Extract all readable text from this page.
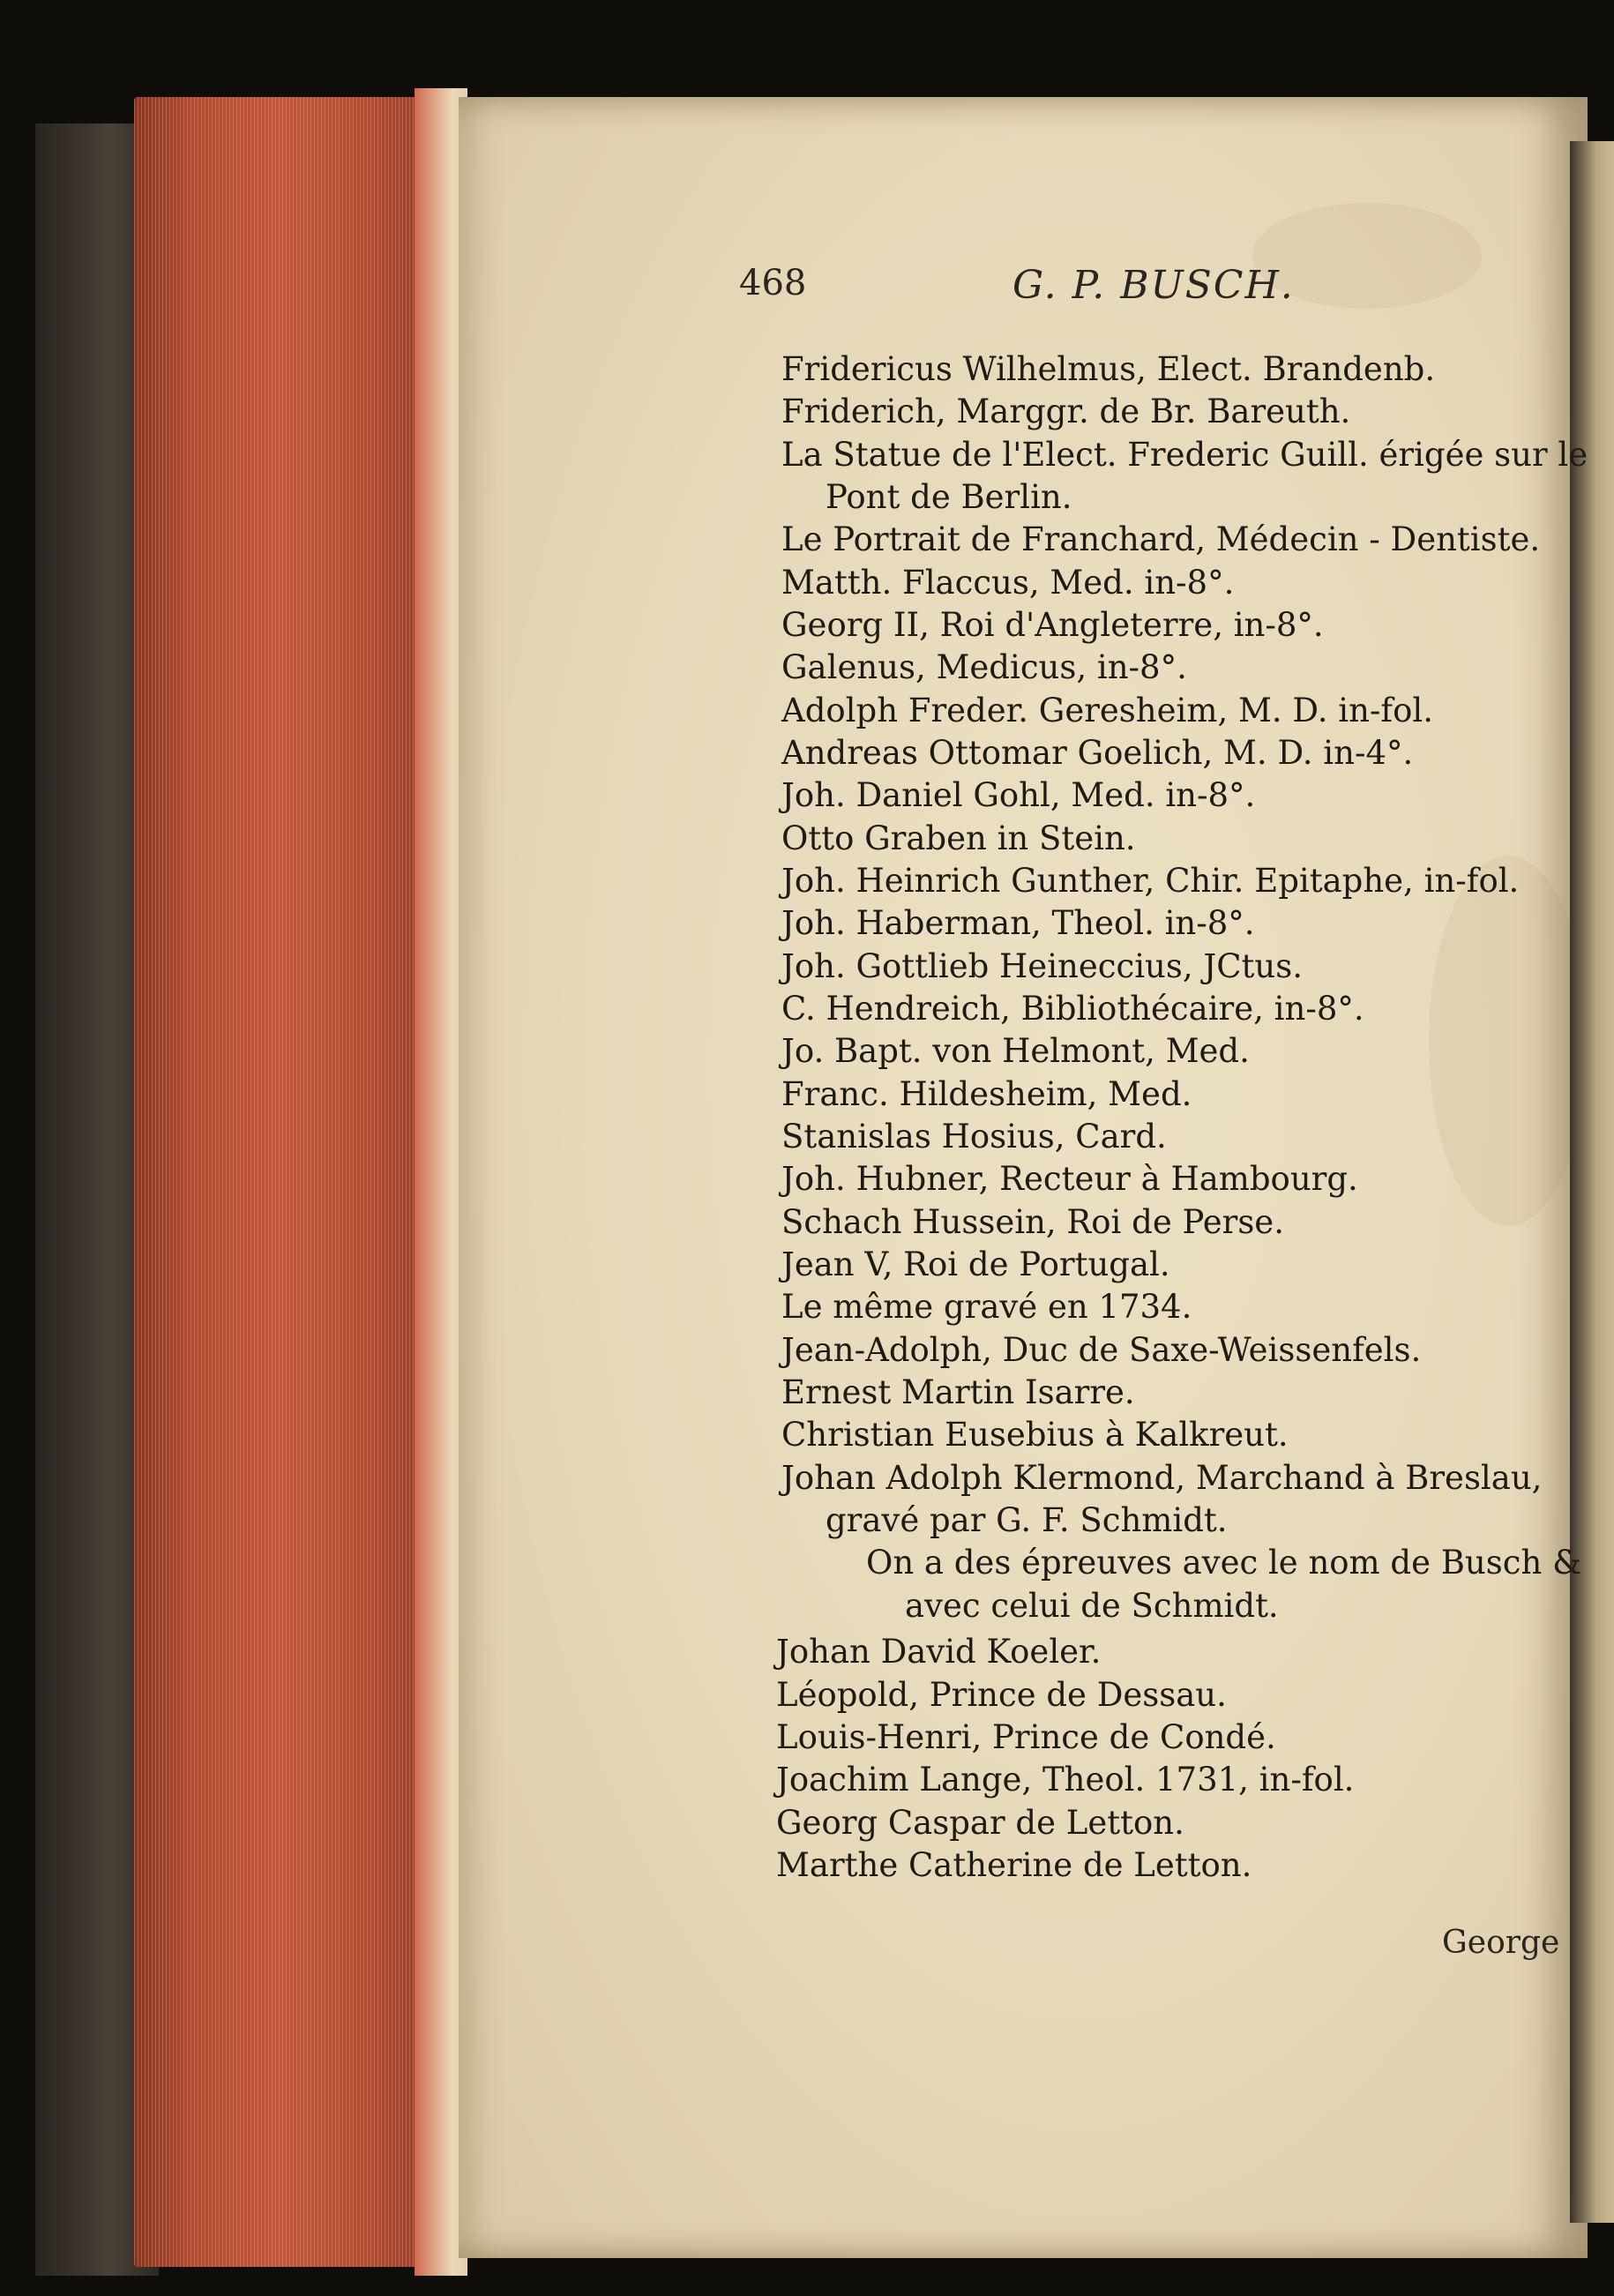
468	G. P. BUSCH.
Fridericus Wilhelmus, Elect. Brandenb.
Friderich, Marggr. de Br. Bareuth.
La Statue de l'Elect. Frederic Guill. érigée sur le
Pont de Berlin.
Le Portrait de Franchard, Médecin - Dentiste.
Matth. Flaccus, Med. in-8°.
Georg II, Roi d'Angleterre, in-8°.
Galenus, Medicus, in-8°.
Adolph Freder. Geresheim, M. D. in-fol.
Andreas Ottomar Goelich, M. D. in-4°.
Joh. Daniel Gohl, Med. in-8°.
Otto Graben in Stein.
Joh. Heinrich Gunther, Chir. Epitaphe, in-fol.
Joh. Haberman, Theol. in-8°.
Joh. Gottlieb Heineccius, JCtus.
C. Hendreich, Bibliothécaire, in-8°.
Jo. Bapt. von Helmont, Med.
Franc. Hildesheim, Med.
Stanislas Hosius, Card.
Joh. Hubner, Recteur à Hambourg.
Schach Hussein, Roi de Perse.
Jean V, Roi de Portugal.
Le même gravé en 1734.
Jean-Adolph, Duc de Saxe-Weissenfels.
Ernest Martin Isarre.
Christian Eusebius à Kalkreut.
Johan Adolph Klermond, Marchand à Breslau,
gravé par G. F. Schmidt.
On a des épreuves avec le nom de Busch &
avec celui de Schmidt.
Johan David Koeler.
Léopold, Prince de Dessau.
Louis-Henri, Prince de Condé.
Joachim Lange, Theol. 1731, in-fol.
Georg Caspar de Letton.
Marthe Catherine de Letton.
George
